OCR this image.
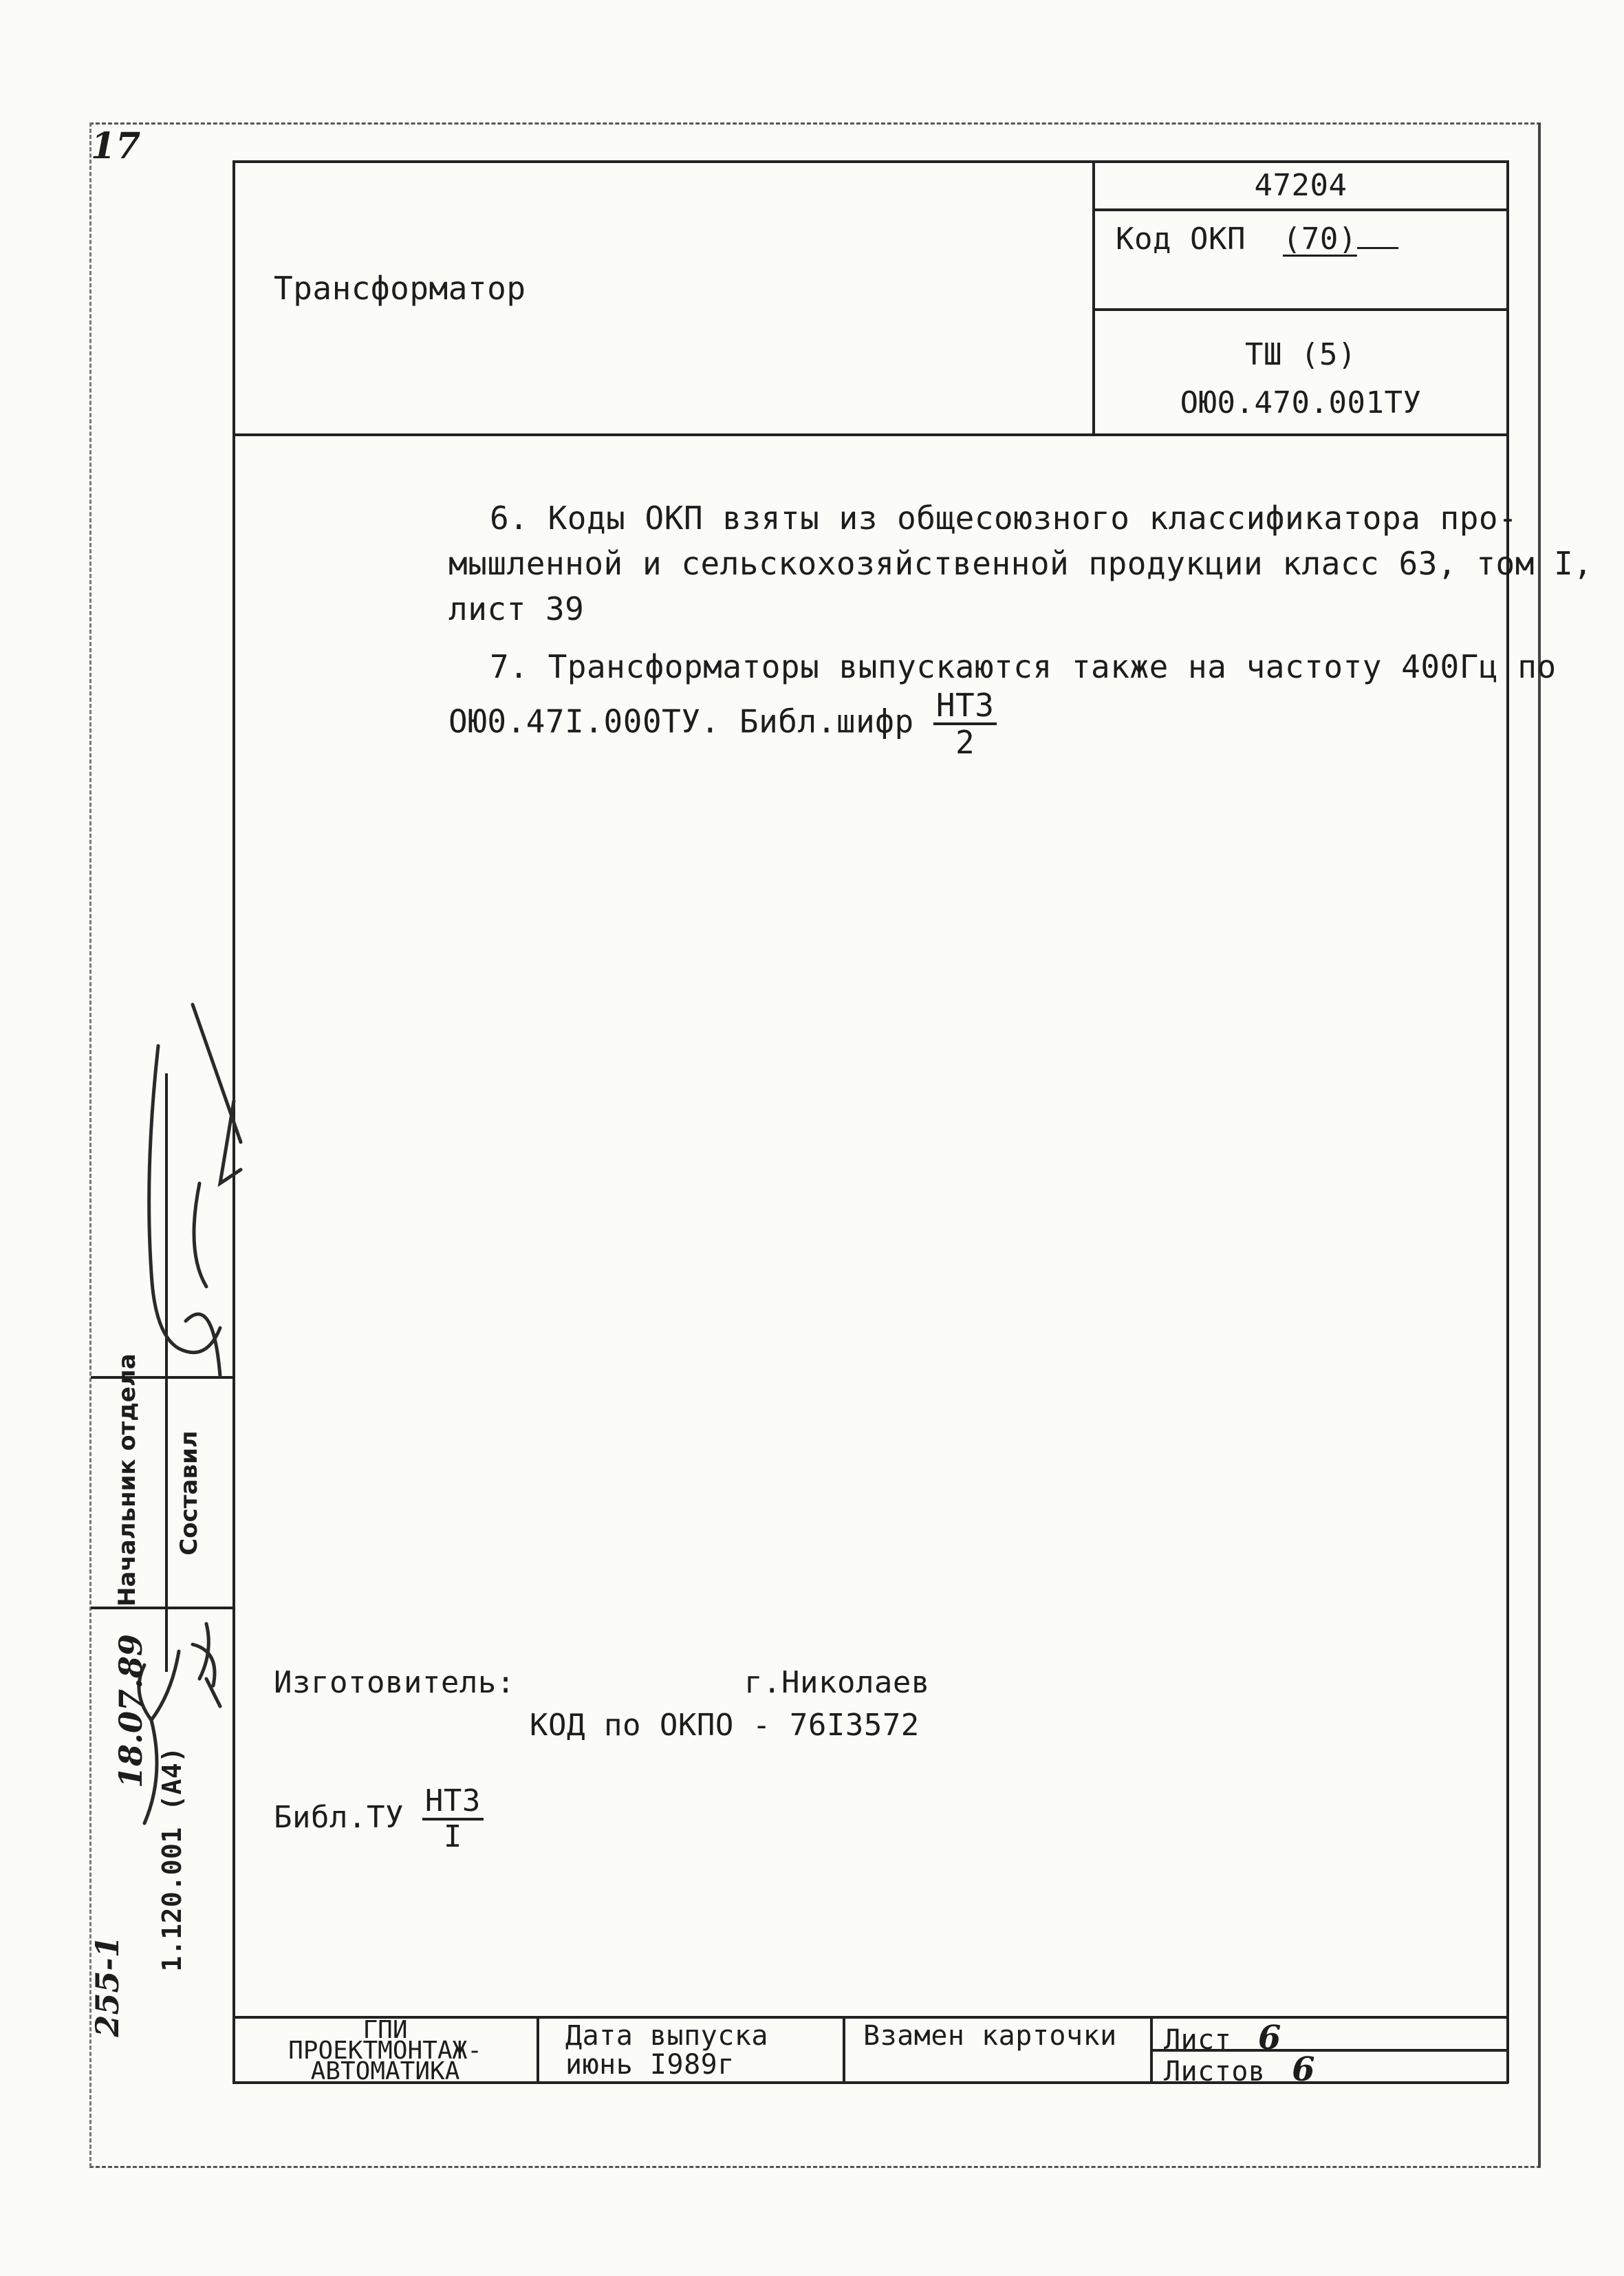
17
Трансформатор
47204
Код ОКП (70)
ТШ (5)
ОЮ0.470.001ТУ
6. Коды ОКП взяты из общесоюзного классификатора про-
мышленной и сельскохозяйственной продукции класс 63, том I,
лист 39
7. Трансформаторы выпускаются также на частоту 400Гц по
ОЮ0.47I.000ТУ. Библ.шифр $\frac{\text{НТЗ}}{2}$
Изготовитель:	г.Николаев
КОД по ОКПО - 76I3572
Библ.ТУ $\frac{\text{НТЗ}}{I}$
ГПИ
ПРОЕКТМОНТАЖ-
АВТОМАТИКА
Дата выпуска
июнь I989г
Взамен карточки Лист 6
Листов 6
Начальник отдела Составил
18.07.89
1.120.001 (А4)
255-1
